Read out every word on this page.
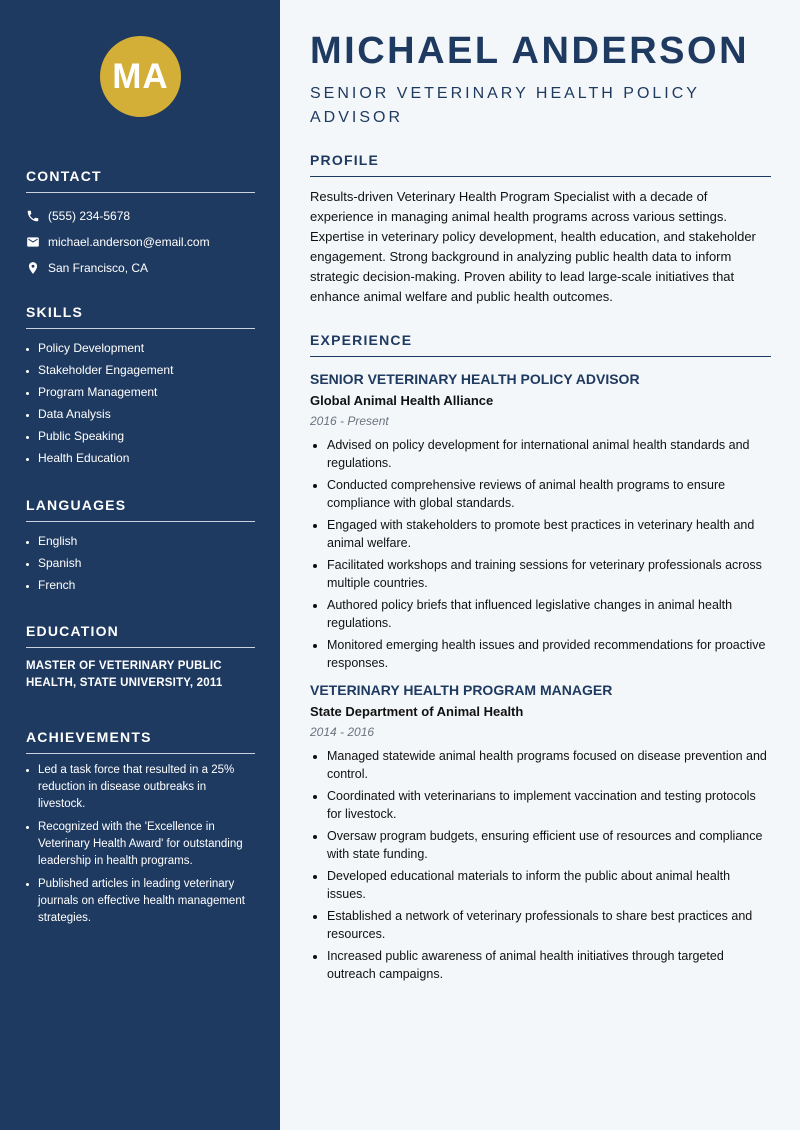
MA
CONTACT
(555) 234-5678
michael.anderson@email.com
San Francisco, CA
SKILLS
• Policy Development
• Stakeholder Engagement
• Program Management
• Data Analysis
• Public Speaking
• Health Education
LANGUAGES
• English
• Spanish
• French
EDUCATION
MASTER OF VETERINARY PUBLIC HEALTH, STATE UNIVERSITY, 2011
ACHIEVEMENTS
• Led a task force that resulted in a 25% reduction in disease outbreaks in livestock.
• Recognized with the 'Excellence in Veterinary Health Award' for outstanding leadership in health programs.
• Published articles in leading veterinary journals on effective health management strategies.
MICHAEL ANDERSON
SENIOR VETERINARY HEALTH POLICY ADVISOR
PROFILE

Results-driven Veterinary Health Program Specialist with a decade of experience in managing animal health programs across various settings. Expertise in veterinary policy development, health education, and stakeholder engagement. Strong background in analyzing public health data to inform strategic decision-making. Proven ability to lead large-scale initiatives that enhance animal welfare and public health outcomes.

EXPERIENCE
SENIOR VETERINARY HEALTH POLICY ADVISOR
Global Animal Health Alliance
2016 - Present
• Advised on policy development for international animal health standards and regulations.
• Conducted comprehensive reviews of animal health programs to ensure compliance with global standards.
• Engaged with stakeholders to promote best practices in veterinary health and animal welfare.
• Facilitated workshops and training sessions for veterinary professionals across multiple countries.
• Authored policy briefs that influenced legislative changes in animal health regulations.
• Monitored emerging health issues and provided recommendations for proactive responses.
VETERINARY HEALTH PROGRAM MANAGER
State Department of Animal Health
2014 - 2016
• Managed statewide animal health programs focused on disease prevention and control.
• Coordinated with veterinarians to implement vaccination and testing protocols for livestock.
• Oversaw program budgets, ensuring efficient use of resources and compliance with state funding.
• Developed educational materials to inform the public about animal health issues.
• Established a network of veterinary professionals to share best practices and resources.
• Increased public awareness of animal health initiatives through targeted outreach campaigns.
